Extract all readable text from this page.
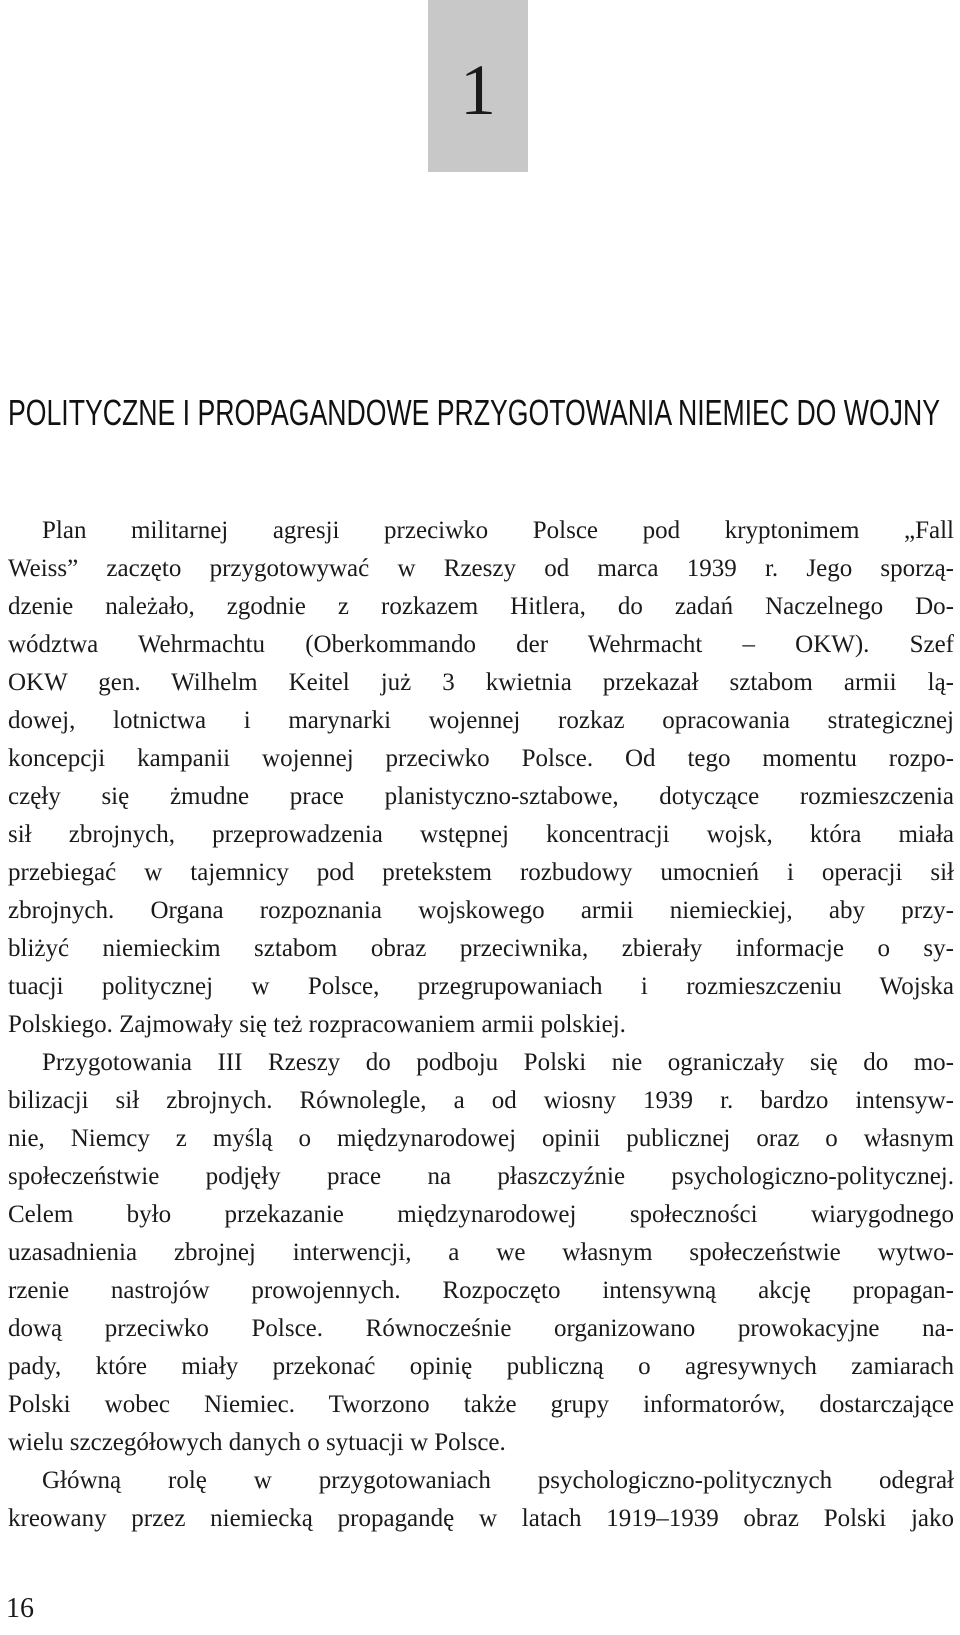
1
POLITYCZNE I PROPAGANDOWE PRZYGOTOWANIA NIEMIEC DO WOJNY
Plan militarnej agresji przeciwko Polsce pod kryptonimem „Fall
Weiss” zaczęto przygotowywać w Rzeszy od marca 1939 r. Jego sporzą-
dzenie należało, zgodnie z rozkazem Hitlera, do zadań Naczelnego Do-
wództwa Wehrmachtu (Oberkommando der Wehrmacht – OKW). Szef
OKW gen. Wilhelm Keitel już 3 kwietnia przekazał sztabom armii lą-
dowej, lotnictwa i marynarki wojennej rozkaz opracowania strategicznej
koncepcji kampanii wojennej przeciwko Polsce. Od tego momentu rozpo-
częły się żmudne prace planistyczno-sztabowe, dotyczące rozmieszczenia
sił zbrojnych, przeprowadzenia wstępnej koncentracji wojsk, która miała
przebiegać w tajemnicy pod pretekstem rozbudowy umocnień i operacji sił
zbrojnych. Organa rozpoznania wojskowego armii niemieckiej, aby przy-
bliżyć niemieckim sztabom obraz przeciwnika, zbierały informacje o sy-
tuacji politycznej w Polsce, przegrupowaniach i rozmieszczeniu Wojska
Polskiego. Zajmowały się też rozpracowaniem armii polskiej.
Przygotowania III Rzeszy do podboju Polski nie ograniczały się do mo-
bilizacji sił zbrojnych. Równolegle, a od wiosny 1939 r. bardzo intensyw-
nie, Niemcy z myślą o międzynarodowej opinii publicznej oraz o własnym
społeczeństwie podjęły prace na płaszczyźnie psychologiczno-politycznej.
Celem było przekazanie międzynarodowej społeczności wiarygodnego
uzasadnienia zbrojnej interwencji, a we własnym społeczeństwie wytwo-
rzenie nastrojów prowojennych. Rozpoczęto intensywną akcję propagan-
dową przeciwko Polsce. Równocześnie organizowano prowokacyjne na-
pady, które miały przekonać opinię publiczną o agresywnych zamiarach
Polski wobec Niemiec. Tworzono także grupy informatorów, dostarczające
wielu szczegółowych danych o sytuacji w Polsce.
Główną rolę w przygotowaniach psychologiczno-politycznych odegrał
kreowany przez niemiecką propagandę w latach 1919–1939 obraz Polski jako
16
